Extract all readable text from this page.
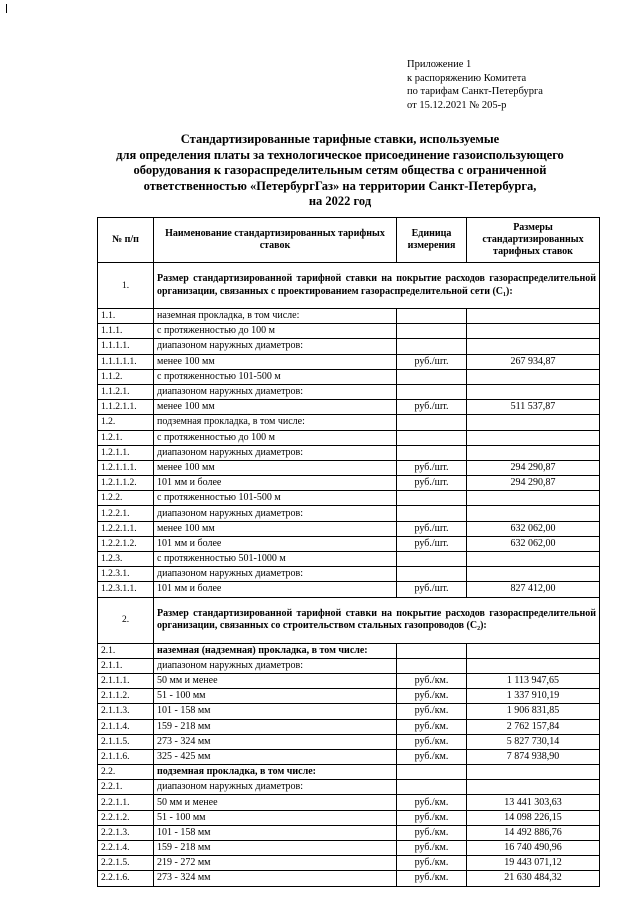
Приложение 1
к распоряжению Комитета
по тарифам Санкт-Петербурга
от 15.12.2021 № 205-р
Стандартизированные тарифные ставки, используемые
для определения платы за технологическое присоединение газоиспользующего
оборудования к газораспределительным сетям общества с ограниченной
ответственностью «ПетербургГаз» на территории Санкт-Петербурга,
на 2022 год
№ п/п	Наименование стандартизированных тарифных ставок	Единица измерения	Размеры стандартизированных тарифных ставок
1.	Размер стандартизированной тарифной ставки на покрытие расходов газораспределительной организации, связанных с проектированием газораспределительной сети (С₁):		
1.1.	наземная прокладка, в том числе:		
1.1.1.	с протяженностью до 100 м		
1.1.1.1.	диапазоном наружных диаметров:		
1.1.1.1.1.	менее 100 мм	руб./шт.	267 934,87
1.1.2.	с протяженностью 101-500 м		
1.1.2.1.	диапазоном наружных диаметров:		
1.1.2.1.1.	менее 100 мм	руб./шт.	511 537,87
1.2.	подземная прокладка, в том числе:		
1.2.1.	с протяженностью до 100 м		
1.2.1.1.	диапазоном наружных диаметров:		
1.2.1.1.1.	менее 100 мм	руб./шт.	294 290,87
1.2.1.1.2.	101 мм и более	руб./шт.	294 290,87
1.2.2.	с протяженностью 101-500 м		
1.2.2.1.	диапазоном наружных диаметров:		
1.2.2.1.1.	менее 100 мм	руб./шт.	632 062,00
1.2.2.1.2.	101 мм и более	руб./шт.	632 062,00
1.2.3.	с протяженностью 501-1000 м		
1.2.3.1.	диапазоном наружных диаметров:		
1.2.3.1.1.	101 мм и более	руб./шт.	827 412,00
2.	Размер стандартизированной тарифной ставки на покрытие расходов газораспределительной организации, связанных со строительством стальных газопроводов (С₂):		
2.1.	наземная (надземная) прокладка, в том числе:		
2.1.1.	диапазоном наружных диаметров:		
2.1.1.1.	50 мм и менее	руб./км.	1 113 947,65
2.1.1.2.	51 - 100 мм	руб./км.	1 337 910,19
2.1.1.3.	101 - 158 мм	руб./км.	1 906 831,85
2.1.1.4.	159 - 218 мм	руб./км.	2 762 157,84
2.1.1.5.	273 - 324 мм	руб./км.	5 827 730,14
2.1.1.6.	325 - 425 мм	руб./км.	7 874 938,90
2.2.	подземная прокладка, в том числе:		
2.2.1.	диапазоном наружных диаметров:		
2.2.1.1.	50 мм и менее	руб./км.	13 441 303,63
2.2.1.2.	51 - 100 мм	руб./км.	14 098 226,15
2.2.1.3.	101 - 158 мм	руб./км.	14 492 886,76
2.2.1.4.	159 - 218 мм	руб./км.	16 740 490,96
2.2.1.5.	219 - 272 мм	руб./км.	19 443 071,12
2.2.1.6.	273 - 324 мм	руб./км.	21 630 484,32
